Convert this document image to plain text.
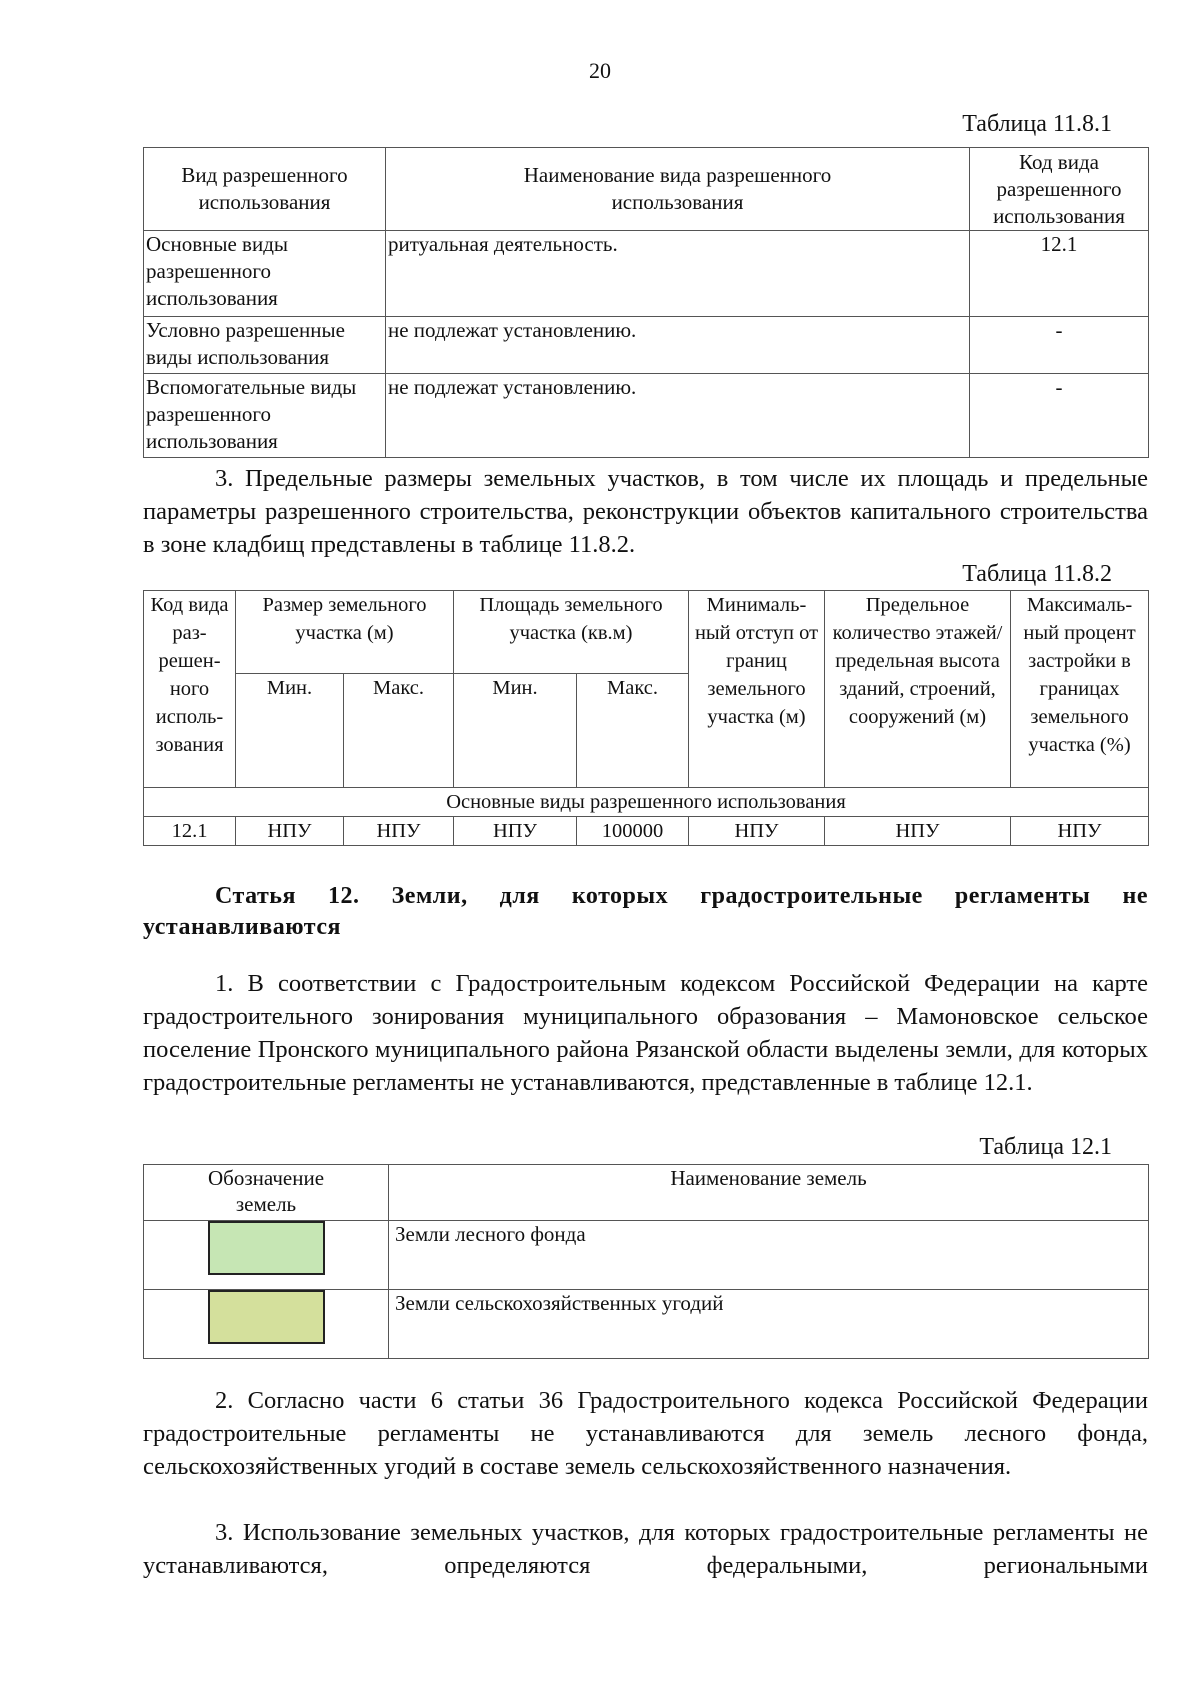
20
Таблица 11.8.1
Вид разрешенного использования	Наименование вида разрешенного использования	Код вида разрешенного использования
Основные виды разрешенного использования	ритуальная деятельность.	12.1
Условно разрешенные виды использования	не подлежат установлению.	-
Вспомогательные виды разрешенного использования	не подлежат установлению.	-

3. Предельные размеры земельных участков, в том числе их площадь и предельные параметры разрешенного строительства, реконструкции объектов капитального строительства в зоне кладбищ представлены в таблице 11.8.2.

Таблица 11.8.2
Код вида раз-решен-ного исполь-зования	Размер земельного участка (м)		Площадь земельного участка (кв.м)		Минималь-ный отступ от границ земельного участка (м)	Предельное количество этажей/ предельная высота зданий, строений, сооружений (м)	Максималь-ный процент застройки в границах земельного участка (%)
	Мин.	Макс.	Мин.	Макс.			
Основные виды разрешенного использования							
12.1	НПУ	НПУ	НПУ	100000	НПУ	НПУ	НПУ

Статья 12. Земли, для которых градостроительные регламенты не устанавливаются

1. В соответствии с Градостроительным кодексом Российской Федерации на карте градостроительного зонирования муниципального образования – Мамоновское сельское поселение Пронского муниципального района Рязанской области выделены земли, для которых градостроительные регламенты не устанавливаются, представленные в таблице 12.1.

Таблица 12.1
Обозначение земель	Наименование земель
	Земли лесного фонда
	Земли сельскохозяйственных угодий

2. Согласно части 6 статьи 36 Градостроительного кодекса Российской Федерации градостроительные регламенты не устанавливаются для земель лесного фонда, сельскохозяйственных угодий в составе земель сельскохозяйственного назначения.

3. Использование земельных участков, для которых градостроительные регламенты не устанавливаются, определяются федеральными, региональными
